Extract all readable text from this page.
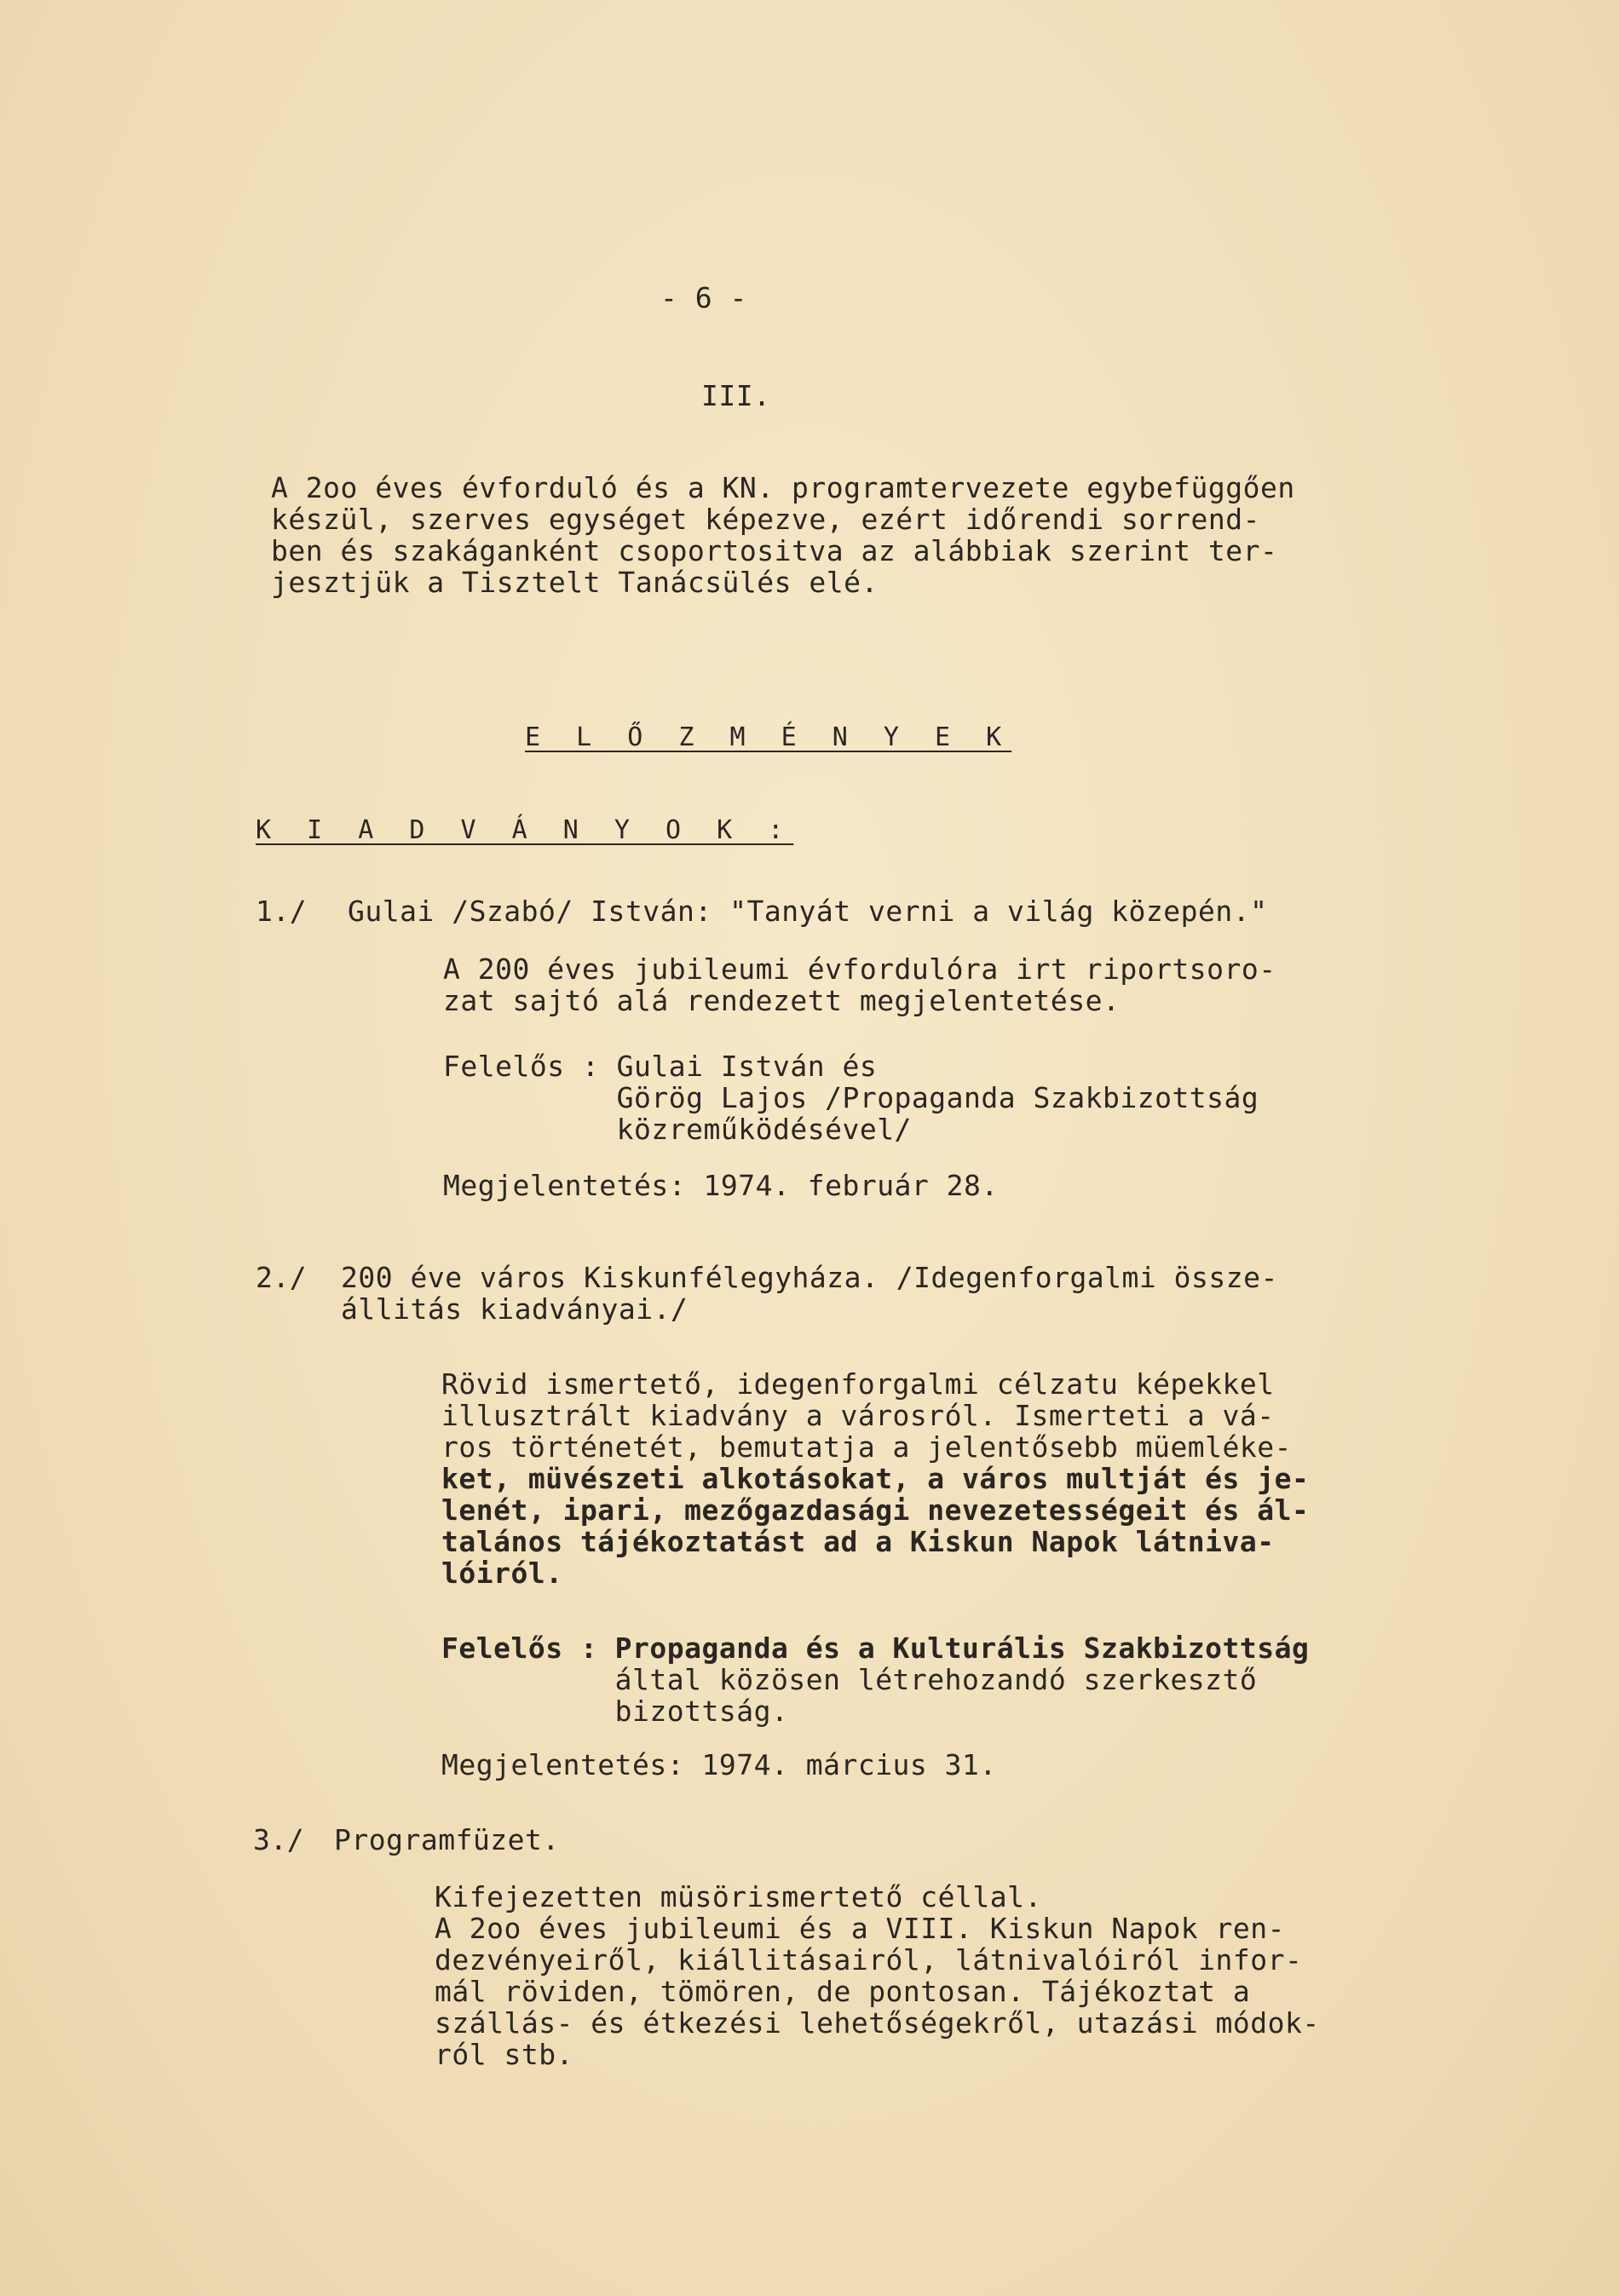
- 6 -
III.
A 2oo éves évforduló és a KN. programtervezete egybefüggően
készül, szerves egységet képezve, ezért időrendi sorrend-
ben és szakáganként csoportositva az alábbiak szerint ter-
jesztjük a Tisztelt Tanácsülés elé.
E L Ő Z M É N Y E K
K I A D V Á N Y O K :
1./ Gulai /Szabó/ István: "Tanyát verni a világ közepén."
A 200 éves jubileumi évfordulóra irt riportsoro-
zat sajtó alá rendezett megjelentetése.
Felelős : Gulai István és
Görög Lajos /Propaganda Szakbizottság
közreműködésével/
Megjelentetés: 1974. február 28.
2./ 200 éve város Kiskunfélegyháza. /Idegenforgalmi össze-
állitás kiadványai./
Rövid ismertető, idegenforgalmi célzatu képekkel
illusztrált kiadvány a városról. Ismerteti a vá-
ros történetét, bemutatja a jelentősebb müemléke-
ket, müvészeti alkotásokat, a város multját és je-
lenét, ipari, mezőgazdasági nevezetességeit és ál-
talános tájékoztatást ad a Kiskun Napok látniva-
lóiról.
Felelős : Propaganda és a Kulturális Szakbizottság
által közösen létrehozandó szerkesztő
bizottság.
Megjelentetés: 1974. március 31.
3./ Programfüzet.
Kifejezetten müsörismertető céllal.
A 2oo éves jubileumi és a VIII. Kiskun Napok ren-
dezvényeiről, kiállitásairól, látnivalóiról infor-
mál röviden, tömören, de pontosan. Tájékoztat a
szállás- és étkezési lehetőségekről, utazási módok-
ról stb.
